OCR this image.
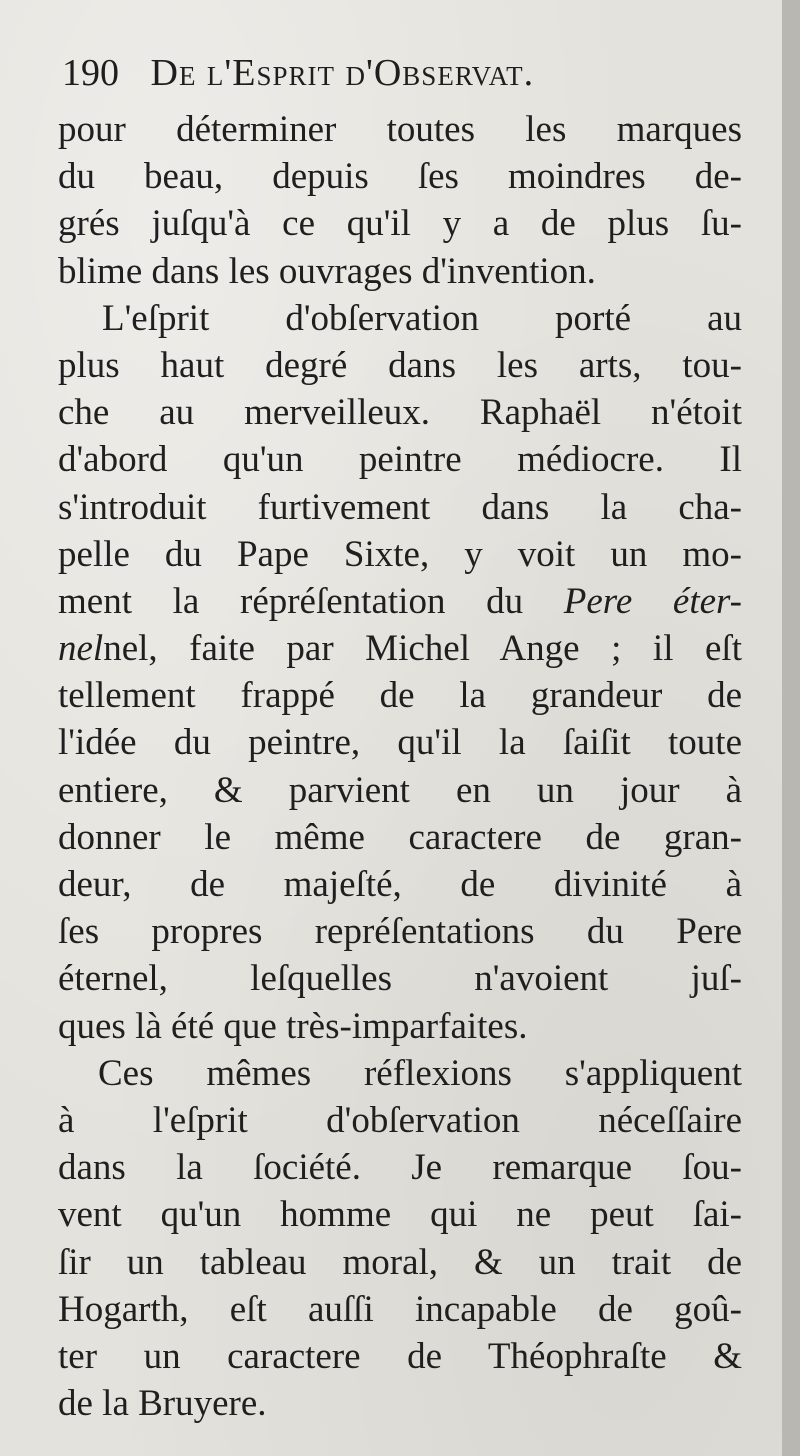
190 De l'Esprit d'Observat.
pour déterminer toutes les marques
du beau, depuis ſes moindres de-
grés juſqu'à ce qu'il y a de plus ſu-
blime dans les ouvrages d'invention.
L'eſprit d'obſervation porté au
plus haut degré dans les arts, tou-
che au merveilleux. Raphaël n'étoit
d'abord qu'un peintre médiocre. Il
s'introduit furtivement dans la cha-
pelle du Pape Sixte, y voit un mo-
ment la répréſentation du Pere éter-
nelnel, faite par Michel Ange ; il eſt
tellement frappé de la grandeur de
l'idée du peintre, qu'il la ſaiſit toute
entiere, & parvient en un jour à
donner le même caractere de gran-
deur, de majeſté, de divinité à
ſes propres repréſentations du Pere
éternel, leſquelles n'avoient juſ-
ques là été que très-imparfaites.
Ces mêmes réflexions s'appliquent
à l'eſprit d'obſervation néceſſaire
dans la ſociété. Je remarque ſou-
vent qu'un homme qui ne peut ſai-
ſir un tableau moral, & un trait de
Hogarth, eſt auſſi incapable de goû-
ter un caractere de Théophraſte &
de la Bruyere.
